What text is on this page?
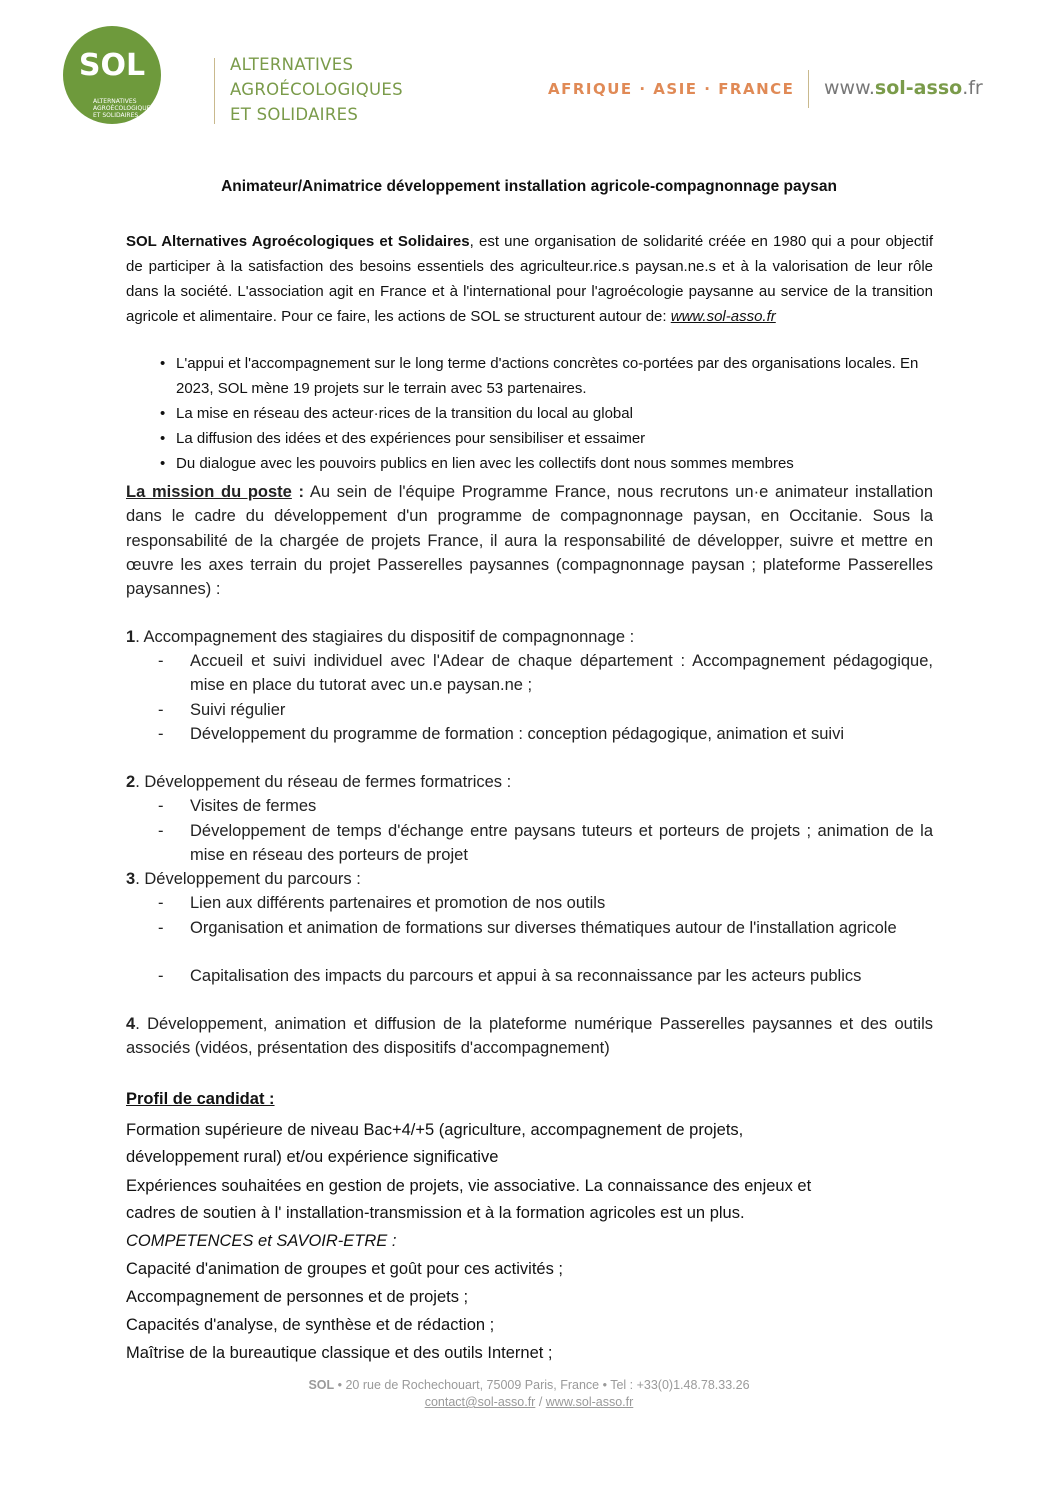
SOL
ALTERNATIVES
AGROÉCOLOGIQUES
ET SOLIDAIRES
ALTERNATIVES
AGROÉCOLOGIQUES
ET SOLIDAIRES
AFRIQUE · ASIE · FRANCE www.sol-asso.fr
Animateur/Animatrice développement installation agricole-compagnonnage paysan
SOL Alternatives Agroécologiques et Solidaires, est une organisation de solidarité créée en 1980 qui a pour objectif de participer à la satisfaction des besoins essentiels des agriculteur.rice.s paysan.ne.s et à la valorisation de leur rôle dans la société. L'association agit en France et à l'international pour l'agroécologie paysanne au service de la transition agricole et alimentaire. Pour ce faire, les actions de SOL se structurent autour de: www.sol-asso.fr
• L'appui et l'accompagnement sur le long terme d'actions concrètes co-portées par des organisations locales. En 2023, SOL mène 19 projets sur le terrain avec 53 partenaires.
• La mise en réseau des acteur·rices de la transition du local au global
• La diffusion des idées et des expériences pour sensibiliser et essaimer
• Du dialogue avec les pouvoirs publics en lien avec les collectifs dont nous sommes membres
La mission du poste : Au sein de l'équipe Programme France, nous recrutons un·e animateur installation dans le cadre du développement d'un programme de compagnonnage paysan, en Occitanie. Sous la responsabilité de la chargée de projets France, il aura la responsabilité de développer, suivre et mettre en œuvre les axes terrain du projet Passerelles paysannes (compagnonnage paysan ; plateforme Passerelles paysannes) :
1. Accompagnement des stagiaires du dispositif de compagnonnage :
- Accueil et suivi individuel avec l'Adear de chaque département : Accompagnement pédagogique, mise en place du tutorat avec un.e paysan.ne ;
- Suivi régulier
- Développement du programme de formation : conception pédagogique, animation et suivi
2. Développement du réseau de fermes formatrices :
- Visites de fermes
- Développement de temps d'échange entre paysans tuteurs et porteurs de projets ; animation de la mise en réseau des porteurs de projet
3. Développement du parcours :
- Lien aux différents partenaires et promotion de nos outils
- Organisation et animation de formations sur diverses thématiques autour de l'installation agricole
- Capitalisation des impacts du parcours et appui à sa reconnaissance par les acteurs publics
4. Développement, animation et diffusion de la plateforme numérique Passerelles paysannes et des outils associés (vidéos, présentation des dispositifs d'accompagnement)
Profil de candidat :
Formation supérieure de niveau Bac+4/+5 (agriculture, accompagnement de projets,
développement rural) et/ou expérience significative
Expériences souhaitées en gestion de projets, vie associative. La connaissance des enjeux et
cadres de soutien à l' installation-transmission et à la formation agricoles est un plus.
COMPETENCES et SAVOIR-ETRE :
Capacité d'animation de groupes et goût pour ces activités ;
Accompagnement de personnes et de projets ;
Capacités d'analyse, de synthèse et de rédaction ;
Maîtrise de la bureautique classique et des outils Internet ;
SOL • 20 rue de Rochechouart, 75009 Paris, France • Tel : +33(0)1.48.78.33.26
contact@sol-asso.fr / www.sol-asso.fr
